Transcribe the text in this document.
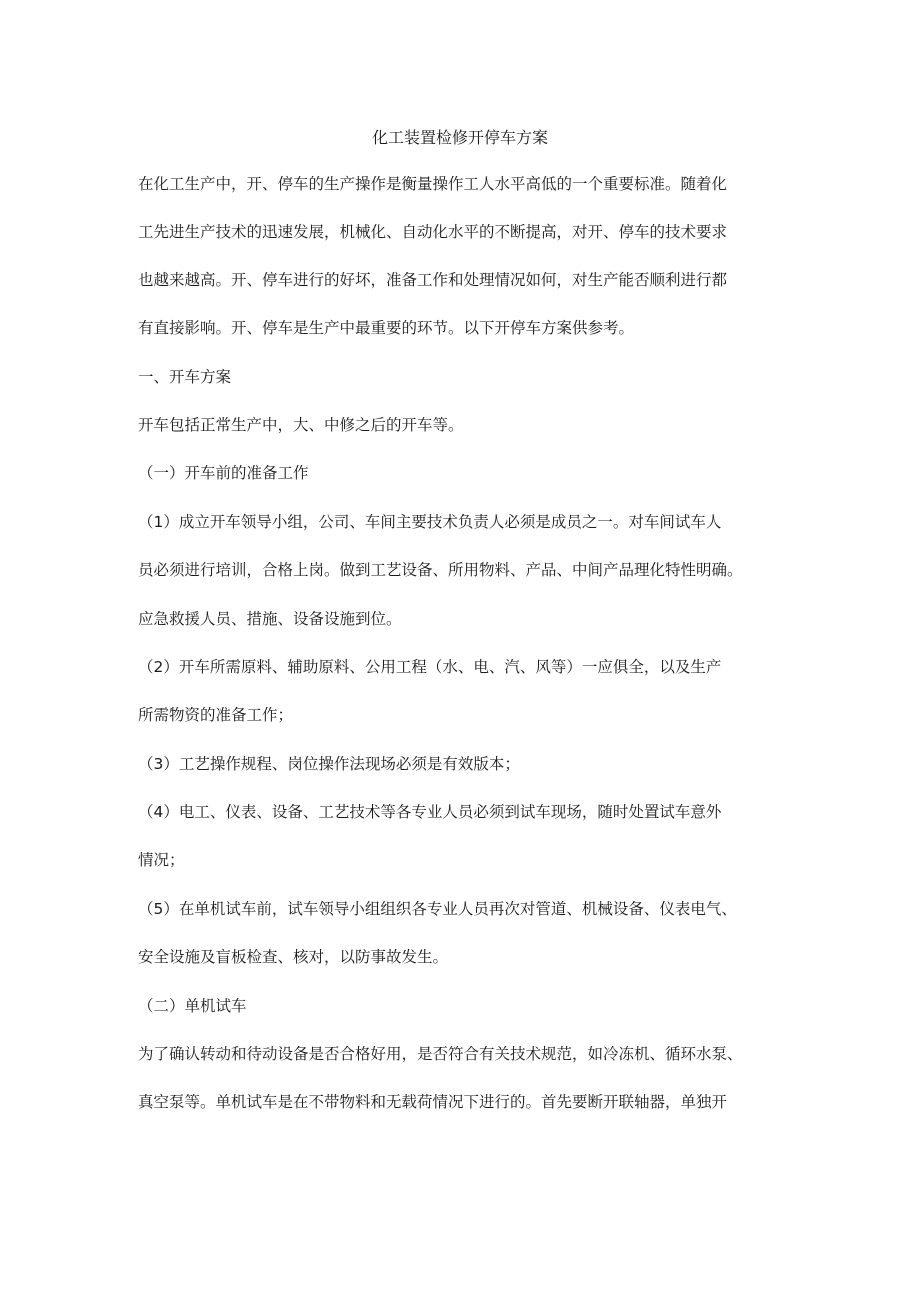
化工装置检修开停车方案
在化工生产中，开、停车的生产操作是衡量操作工人水平高低的一个重要标准。随着化
工先进生产技术的迅速发展，机械化、自动化水平的不断提高，对开、停车的技术要求
也越来越高。开、停车进行的好坏，准备工作和处理情况如何，对生产能否顺利进行都
有直接影响。开、停车是生产中最重要的环节。以下开停车方案供参考。
一、开车方案
开车包括正常生产中，大、中修之后的开车等。
（一）开车前的准备工作
（1）成立开车领导小组，公司、车间主要技术负责人必须是成员之一。对车间试车人
员必须进行培训，合格上岗。做到工艺设备、所用物料、产品、中间产品理化特性明确。
应急救援人员、措施、设备设施到位。
（2）开车所需原料、辅助原料、公用工程（水、电、汽、风等）一应俱全，以及生产
所需物资的准备工作；
（3）工艺操作规程、岗位操作法现场必须是有效版本；
（4）电工、仪表、设备、工艺技术等各专业人员必须到试车现场，随时处置试车意外
情况；
（5）在单机试车前，试车领导小组组织各专业人员再次对管道、机械设备、仪表电气、
安全设施及盲板检查、核对，以防事故发生。
（二）单机试车
为了确认转动和待动设备是否合格好用，是否符合有关技术规范，如冷冻机、循环水泵、
真空泵等。单机试车是在不带物料和无载荷情况下进行的。首先要断开联轴器，单独开
